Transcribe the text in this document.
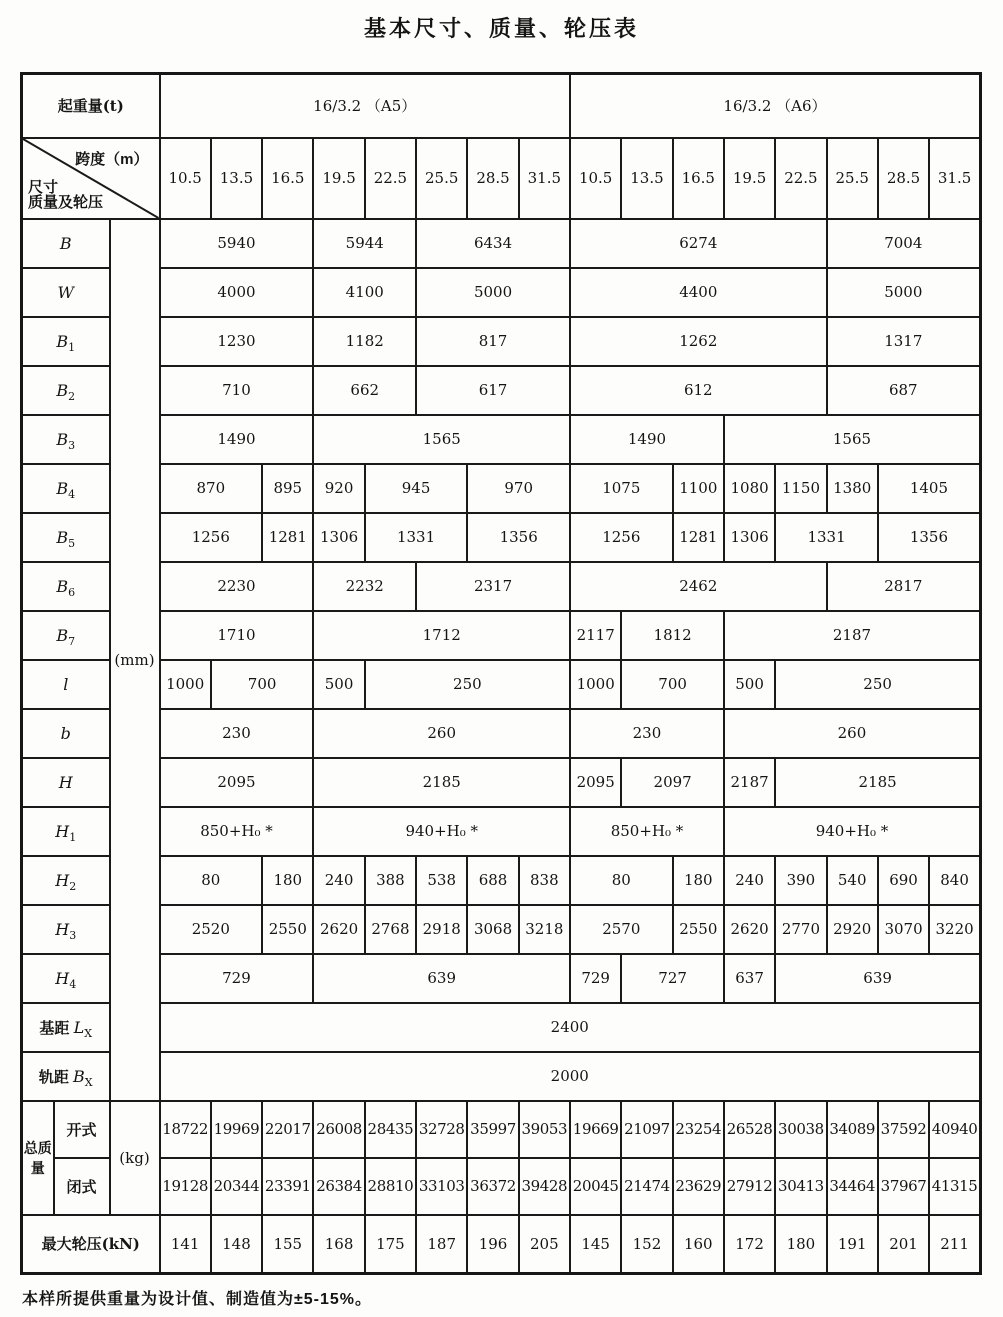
基本尺寸、质量、轮压表
起重量(t)			16/3.2 （A5）								16/3.2 （A6）							

跨度（m）
尺寸
质量及轮压			10.5	13.5	16.5	19.5	22.5	25.5	28.5	31.5	10.5	13.5	16.5	19.5	22.5	25.5	28.5	31.5
B		(mm)	5940			5944		6434			6274					7004		
W			4000			4100		5000			4400					5000		
$B_1$			1230			1182		817			1262					1317		
$B_2$			710			662		617			612					687		
$B_3$			1490			1565					1490			1565				
$B_4$			870		895	920	945		970		1075		1100	1080	1150	1380	1405	
$B_5$			1256		1281	1306	1331		1356		1256		1281	1306	1331		1356	
$B_6$			2230			2232		2317			2462					2817		
$B_7$			1710			1712					2117	1812		2187				
l			1000	700		500	250				1000	700		500	250			
b			230			260					230			260				
H			2095			2185					2095	2097		2187	2185			
$H_1$			850+H₀ *			940+H₀ *					850+H₀ *			940+H₀ *				
$H_2$			80		180	240	388	538	688	838	80		180	240	390	540	690	840
$H_3$			2520		2550	2620	2768	2918	3068	3218	2570		2550	2620	2770	2920	3070	3220
$H_4$			729			639					729	727		637	639			
基距 $L_X$			2400															
轨距 $B_X$			2000															
总质量	开式	(kg)	18722	19969	22017	26008	28435	32728	35997	39053	19669	21097	23254	26528	30038	34089	37592	40940
	闭式		19128	20344	23391	26384	28810	33103	36372	39428	20045	21474	23629	27912	30413	34464	37967	41315
最大轮压(kN)			141	148	155	168	175	187	196	205	145	152	160	172	180	191	201	211
本样所提供重量为设计值、制造值为±5-15%。
